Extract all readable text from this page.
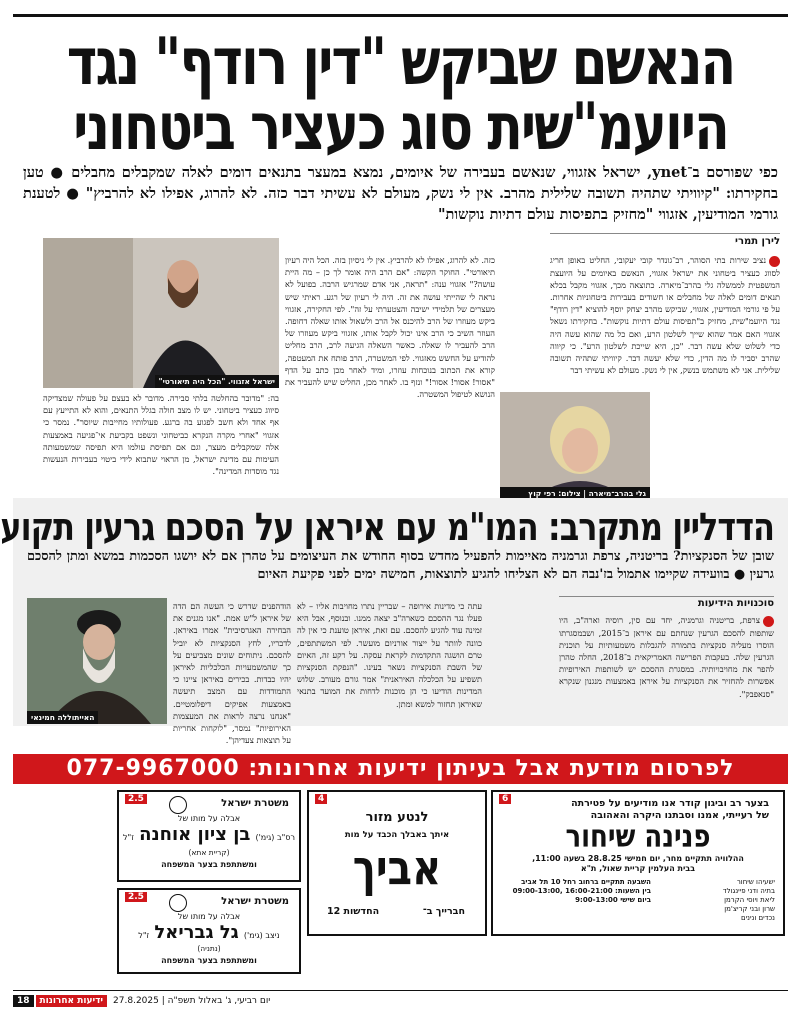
הנאשם שביקש "דין רודף" נגד
היועמ"שית סוג כעציר ביטחוני
כפי שפורסם ב־ynet, ישראל אזגווי, שנאשם בעבירה של איומים, נמצא במעצר בתנאים דומים לאלה שמקבלים מחבלים ● טען בחקירתו: "קיוויתי שתהיה תשובה שלילית מהרב. אין לי נשק, מעולם לא עשיתי דבר כזה. לא להרוג, אפילו לא להרביץ" ● לטענת גורמי המודיעין, אזגווי "מחזיק בתפיסות עולם דתיות נוקשות"
לירן תמרי
נציב שירות בתי הסוהר, רב־גונדר קובי יעקובי, החליט באופן חריג לסווג כעציר ביטחוני את ישראל אזגווי, הנאשם באיומים על היועצת המשפטית לממשלה גלי בהרב־מיארה. כתוצאה מכך, אזגווי מקבל בכלא תנאים דומים לאלה של מחבלים או חשודים בעבירות ביטחוניות אחרות. על פי גורמי המודיעין, אזגווי, שביקש מהרב יצחק יוסף להוציא "דין רודף" נגד היועמ"שית, מחזיק ב"תפיסות עולם דתיות נוקשות". בחקירתו נשאל אזגווי האם אמר שהוא שייך לשלטון הרע, ואם כל מה שהוא עשה היה כדי לשלוט שלא עשה דבר. "כן, היא שייכת לשלטון הרע". כי קיווה שהרב יסביר לו מה הדין, כדי שלא יעשה דבר. קיוויתי שתהיה תשובה שלילית. אני לא משתמש בנשק, אין לי נשק. מעולם לא עשיתי דבר
גלי בהרב־מיארה | צילום: רפי קוץ
כזה. לא להרוג, אפילו לא להרביץ. אין לי ניסיון בזה. הכל היה רעיון תיאורטי". החוקר הקשה: "אם הרב היה אומר לך כן – מה היית עושה?" אזגווי ענה: "תראה, אני אדם שמרגיש הרבה. בפועל לא נראה לי שהייתי עושה את זה. היה לי רעיון של רגע. ראיתי שיש מעצרים של תלמידי ישיבה והצטערתי על זה". לפי החקירה, אזגווי ביקש מעוזרו של הרב להיכנס אל הרב ולשאול אותו שאלה דחופה. העוזר השיב כי הרב אינו יכול לקבל אותו, אזגווי ביקש מעוזרו של הרב להעביר לו שאלה. כאשר השאלה הגיעה לרב, הרב מחליט להודיע על החשש מאזגווי. לפי המשטרה, הרב פותח את המעטפה, קורא את הכתוב בנוכחות עוזרו, ומיד לאחר מכן כתב על הדף "אסור! אסור! אסור!" ונזף בו. לאחר מכן, החליט שיש להעביר את הנושא לטיפול המשטרה.
ישראל אזגווי. "הכל היה תיאורטי"
בה: "מדובר בהחלטה בלתי סבירה. מדובר לא בעצם על פעולה שמצדיקה סיווג כעציר ביטחוני. יש לו מצב חולה בגלל התנאים, והוא לא התייעץ עם אף אחד ולא חשב לפגוע בה ברגע. פעולותיו מחייבות שיוסר". נמסר כי אזגווי "אחרי מקרה הנקרא כביטחוני ונשפט בקביעת אי־פגיעה באמצעות אלה שמקבלים מעצר, וגם אם תפיסת עולמו היא תפיסה שמשמעותה העימות עם מדינת ישראל, מן הראוי שתבוא לידי ביטוי בעבירות הנעשות נגד מוסדות המדינה".
הדדליין מתקרב: המו"מ עם איראן על הסכם גרעין תקוע
שובן של הסנקציות? בריטניה, צרפת וגרמניה מאיימות להפעיל מחדש בסוף החודש את העיצומים על טהרן אם לא יושגו הסכמות במשא ומתן להסכם גרעין ● בוועידה שקיימו אתמול בז'נבה הם לא הצליחו להגיע לתוצאות, חמישה ימים לפני פקיעת האיום
סוכנויות הידיעות
צרפת, בריטניה וגרמניה, יחד עם סין, רוסיה וארה"ב, היו שותפות להסכם הגרעין שנחתם עם איראן ב־2015, ושבמסגרתו הוסרו מעליה סנקציות בתמורה להגבלות משמעותיות על תוכנית הגרעין שלה. בעקבות הפרישה האמריקאית ב־2018, החלה טהרן להפר את מחויבויותיה. במסגרת ההסכם יש לשותפות האירופיות אפשרות להחזיר את הסנקציות על איראן באמצעות מנגנון שנקרא "סנאפבק".
עתה כי מדינות אירופה – שבריין נתרו מחויבות אליו – לא פעלו נגד ההסכם כשארה"ב יצאה ממנו. ובנוסף, אבל היא זמינה עוד להגיע להסכם. עם זאת, איראן טוענת כי אין לה כוונה לוותר על ייצור אורניום מועשר. לפי המשתתפים, טרם הושגה התקדמות לקראת עסקה. על רקע זה, האיום של השבת הסנקציות נשאר בעינו. "הנפקת הסנקציות תשפיע על הכלכלה האיראנית" אמר גורם מעורב. שלוש המדינות הודיעו כי הן מוכנות לדחות את המועד בתנאי שאיראן תחזור למשא ומתן.
הודהפנים שדרש כי העשה הם הדה של איראן ל"ש אמת. "אנו מגנים את הבחירה האגרסיבית" אמרו באיראן. לדבריו, לחץ הסנקציות לא יוביל להסכם. ניתוחים שונים מצביעים על כך שהמשמעויות הכלכליות לאיראן יהיו כבדות. בכירים באיראן ציינו כי התמודדות עם המצב תיעשה באמצעות אפיקים דיפלומטיים. "אנחנו נרצה לראות את המעצמות האירופיות" נמסר, "לוקחות אחריות על תוצאות צעדיהן".
האייתוללה חמינאי
לפרסום מודעת אבל בעיתון ידיעות אחרונות: 077-9967000
6	בצער רב וביגון קודר אנו מודיעים על פטירתה
של רעייתי, אמנו וסבתנו היקרה והאהובה
פנינה שיחור
ההלוויה תתקיים מחר, יום חמישי 28.8.25 בשעה 11:00,
בבית העלמין קריית שאול, ת"א
ישעיהו שיחור
בתיה ודני פיינגולד
ליאת ויוסי הקרמן
שרון ובני קריצ'מן
נכדים ונינים
השבעה תתקיים ברחוב רחל 10 תל אביב
בין השעות: 16:00-21:00 ,09:00-13:00
ביום שישי 9:00-13:00
4
לנטע מזור
איתך באבלך הכבד על מות
אביך
חברייך ב־
החדשות 12
2.5	משטרת ישראל
אבלה על מותו של
רס"ב (גימ') בן ציון אוחנה ז"ל
(קריית אתא)
ומשתתפת בצער המשפחה
2.5	משטרת ישראל
אבלה על מותו של
ניצב (גימ') גל גבריאל ז"ל
(נתניה)
ומשתתפת בצער המשפחה
18	ידיעות אחרונות	יום רביעי, ג' באלול תשפ"ה | 27.8.2025
